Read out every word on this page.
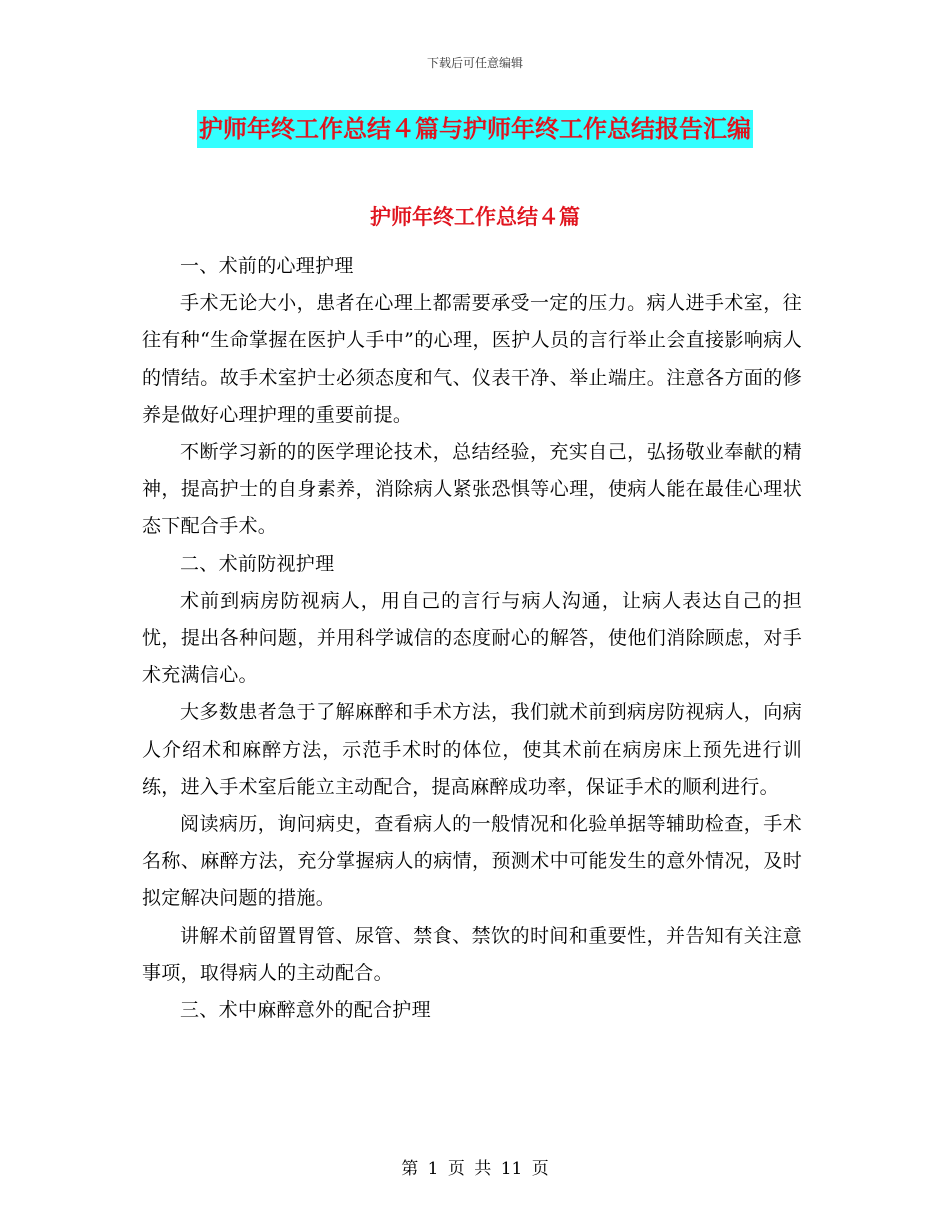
下载后可任意编辑
护师年终工作总结４篇与护师年终工作总结报告汇编
护师年终工作总结４篇

一、术前的心理护理

手术无论大小，患者在心理上都需要承受一定的压力。病人进手术室，往往有种“生命掌握在医护人手中”的心理，医护人员的言行举止会直接影响病人的情结。故手术室护士必须态度和气、仪表干净、举止端庄。注意各方面的修养是做好心理护理的重要前提。

不断学习新的的医学理论技术，总结经验，充实自己，弘扬敬业奉献的精神，提高护士的自身素养，消除病人紧张恐惧等心理，使病人能在最佳心理状态下配合手术。

二、术前防视护理

术前到病房防视病人，用自己的言行与病人沟通，让病人表达自己的担忧，提出各种问题，并用科学诚信的态度耐心的解答，使他们消除顾虑，对手术充满信心。

大多数患者急于了解麻醉和手术方法，我们就术前到病房防视病人，向病人介绍术和麻醉方法，示范手术时的体位，使其术前在病房床上预先进行训练，进入手术室后能立主动配合，提高麻醉成功率，保证手术的顺利进行。

阅读病历，询问病史，查看病人的一般情况和化验单据等辅助检查，手术名称、麻醉方法，充分掌握病人的病情，预测术中可能发生的意外情况，及时拟定解决问题的措施。

讲解术前留置胃管、尿管、禁食、禁饮的时间和重要性，并告知有关注意事项，取得病人的主动配合。

三、术中麻醉意外的配合护理

第 1 页 共 11 页
